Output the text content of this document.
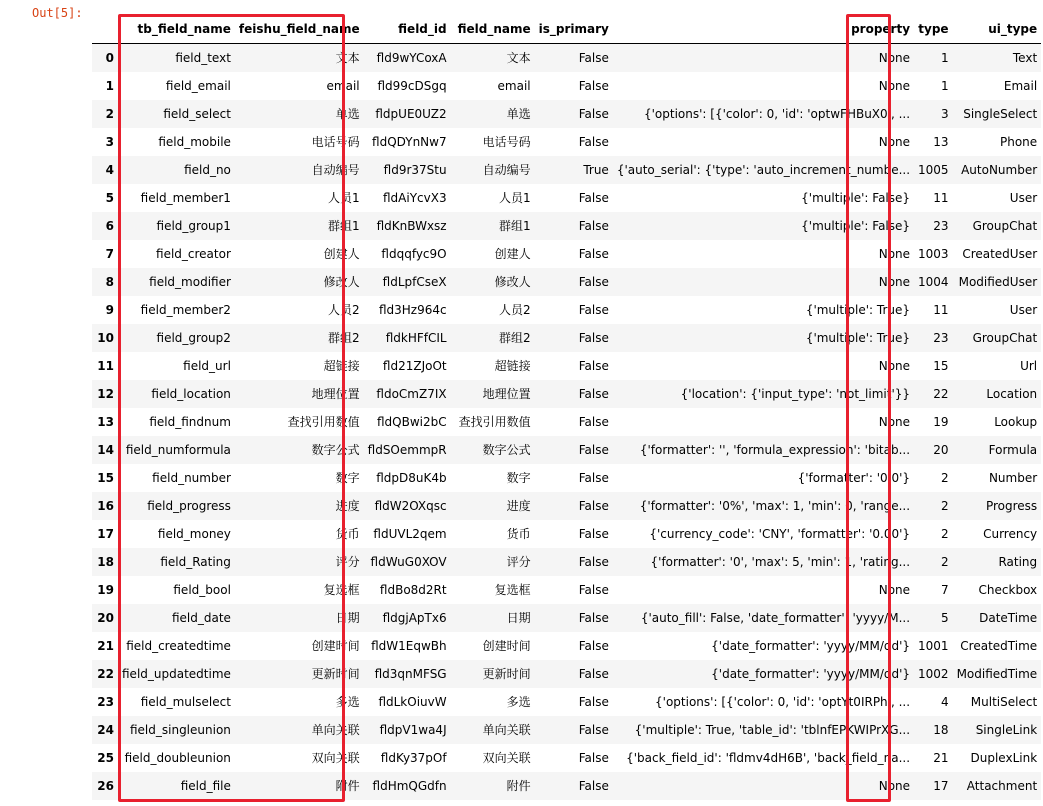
Out[5]:
	tb_field_name	feishu_field_name	field_id	field_name	is_primary	property	type	ui_type
0	field_text	文本	fld9wYCoxA	文本	False	None	1	Text
1	field_email	email	fld99cDSgq	email	False	None	1	Email
2	field_select	单选	fldpUE0UZ2	单选	False	{'options': [{'color': 0, 'id': 'optwFHBuX0', ...	3	SingleSelect
3	field_mobile	电话号码	fldQDYnNw7	电话号码	False	None	13	Phone
4	field_no	自动编号	fld9r37Stu	自动编号	True	{'auto_serial': {'type': 'auto_increment_numbe...	1005	AutoNumber
5	field_member1	人员1	fldAiYcvX3	人员1	False	{'multiple': False}	11	User
6	field_group1	群组1	fldKnBWxsz	群组1	False	{'multiple': False}	23	GroupChat
7	field_creator	创建人	fldqqfyc9O	创建人	False	None	1003	CreatedUser
8	field_modifier	修改人	fldLpfCseX	修改人	False	None	1004	ModifiedUser
9	field_member2	人员2	fld3Hz964c	人员2	False	{'multiple': True}	11	User
10	field_group2	群组2	fldkHFfCIL	群组2	False	{'multiple': True}	23	GroupChat
11	field_url	超链接	fld21ZJoOt	超链接	False	None	15	Url
12	field_location	地理位置	fldoCmZ7IX	地理位置	False	{'location': {'input_type': 'not_limit'}}	22	Location
13	field_findnum	查找引用数值	fldQBwi2bC	查找引用数值	False	None	19	Lookup
14	field_numformula	数字公式	fldSOemmpR	数字公式	False	{'formatter': '', 'formula_expression': 'bitab...	20	Formula
15	field_number	数字	fldpD8uK4b	数字	False	{'formatter': '0.0'}	2	Number
16	field_progress	进度	fldW2OXqsc	进度	False	{'formatter': '0%', 'max': 1, 'min': 0, 'range...	2	Progress
17	field_money	货币	fldUVL2qem	货币	False	{'currency_code': 'CNY', 'formatter': '0.00'}	2	Currency
18	field_Rating	评分	fldWuG0XOV	评分	False	{'formatter': '0', 'max': 5, 'min': 1, 'rating...	2	Rating
19	field_bool	复选框	fldBo8d2Rt	复选框	False	None	7	Checkbox
20	field_date	日期	fldgjApTx6	日期	False	{'auto_fill': False, 'date_formatter': 'yyyy/M...	5	DateTime
21	field_createdtime	创建时间	fldW1EqwBh	创建时间	False	{'date_formatter': 'yyyy/MM/dd'}	1001	CreatedTime
22	field_updatedtime	更新时间	fld3qnMFSG	更新时间	False	{'date_formatter': 'yyyy/MM/dd'}	1002	ModifiedTime
23	field_mulselect	多选	fldLkOiuvW	多选	False	{'options': [{'color': 0, 'id': 'optYt0IRPh', ...	4	MultiSelect
24	field_singleunion	单向关联	fldpV1wa4J	单向关联	False	{'multiple': True, 'table_id': 'tblnfEPKWIPrXG...	18	SingleLink
25	field_doubleunion	双向关联	fldKy37pOf	双向关联	False	{'back_field_id': 'fldmv4dH6B', 'back_field_na...	21	DuplexLink
26	field_file	附件	fldHmQGdfn	附件	False	None	17	Attachment
